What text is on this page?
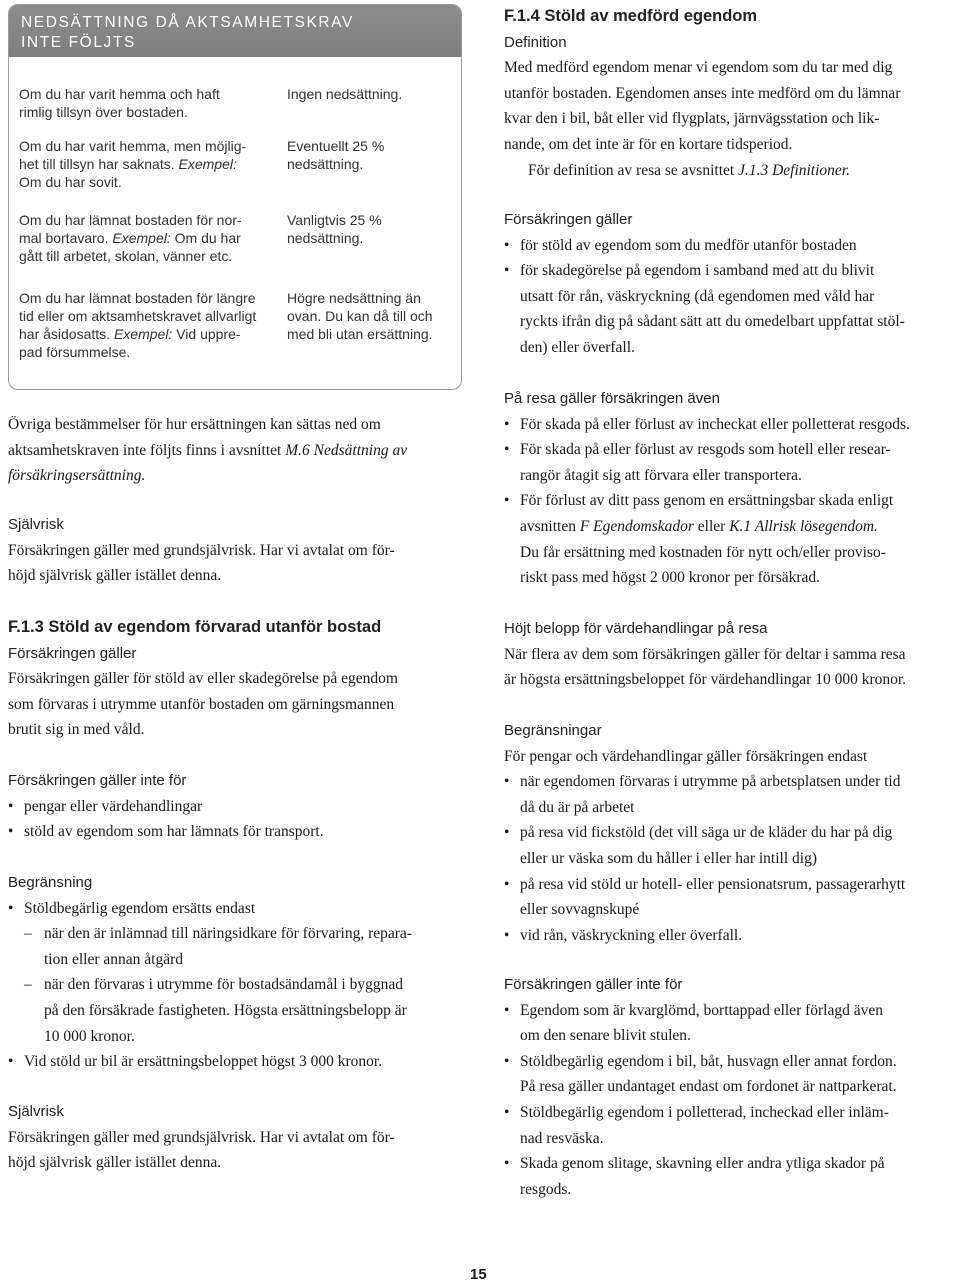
NEDSÄTTNING DÅ AKTSAMHETSKRAV
INTE FÖLJTS
Om du har varit hemma och haft
rimlig tillsyn över bostaden.
Ingen nedsättning.
Om du har varit hemma, men möjlig-
het till tillsyn har saknats. Exempel:
Om du har sovit.
Eventuellt 25 %
nedsättning.
Om du har lämnat bostaden för nor-
mal bortavaro. Exempel: Om du har
gått till arbetet, skolan, vänner etc.
Vanligtvis 25 %
nedsättning.
Om du har lämnat bostaden för längre
tid eller om aktsamhetskravet allvarligt
har åsidosatts. Exempel: Vid uppre-
pad försummelse.
Högre nedsättning än
ovan. Du kan då till och
med bli utan ersättning.
Övriga bestämmelser för hur ersättningen kan sättas ned om
aktsamhetskraven inte följts finns i avsnittet M.6 Nedsättning av
försäkringsersättning.
Självrisk
Försäkringen gäller med grundsjälvrisk. Har vi avtalat om för-
höjd självrisk gäller istället denna.
F.1.3 Stöld av egendom förvarad utanför bostad
Försäkringen gäller
Försäkringen gäller för stöld av eller skadegörelse på egendom
som förvaras i utrymme utanför bostaden om gärningsmannen
brutit sig in med våld.
Försäkringen gäller inte för
• pengar eller värdehandlingar
• stöld av egendom som har lämnats för transport.
Begränsning
• Stöldbegärlig egendom ersätts endast
– när den är inlämnad till näringsidkare för förvaring, repara-
tion eller annan åtgärd
– när den förvaras i utrymme för bostadsändamål i byggnad
på den försäkrade fastigheten. Högsta ersättningsbelopp är
10 000 kronor.
• Vid stöld ur bil är ersättningsbeloppet högst 3 000 kronor.
Självrisk
Försäkringen gäller med grundsjälvrisk. Har vi avtalat om för-
höjd självrisk gäller istället denna.
F.1.4 Stöld av medförd egendom
Definition
Med medförd egendom menar vi egendom som du tar med dig
utanför bostaden. Egendomen anses inte medförd om du lämnar
kvar den i bil, båt eller vid flygplats, järnvägsstation och lik-
nande, om det inte är för en kortare tidsperiod.
För definition av resa se avsnittet J.1.3 Definitioner.
Försäkringen gäller
• för stöld av egendom som du medför utanför bostaden
• för skadegörelse på egendom i samband med att du blivit
utsatt för rån, väskryckning (då egendomen med våld har
ryckts ifrån dig på sådant sätt att du omedelbart uppfattat stöl-
den) eller överfall.
På resa gäller försäkringen även
• För skada på eller förlust av incheckat eller polletterat resgods.
• För skada på eller förlust av resgods som hotell eller resear-
rangör åtagit sig att förvara eller transportera.
• För förlust av ditt pass genom en ersättningsbar skada enligt
avsnitten F Egendomskador eller K.1 Allrisk lösegendom.
Du får ersättning med kostnaden för nytt och/eller proviso-
riskt pass med högst 2 000 kronor per försäkrad.
Höjt belopp för värdehandlingar på resa
När flera av dem som försäkringen gäller för deltar i samma resa
är högsta ersättningsbeloppet för värdehandlingar 10 000 kronor.
Begränsningar
För pengar och värdehandlingar gäller försäkringen endast
• när egendomen förvaras i utrymme på arbetsplatsen under tid
då du är på arbetet
• på resa vid fickstöld (det vill säga ur de kläder du har på dig
eller ur väska som du håller i eller har intill dig)
• på resa vid stöld ur hotell- eller pensionatsrum, passagerarhytt
eller sovvagnskupé
• vid rån, väskryckning eller överfall.
Försäkringen gäller inte för
• Egendom som är kvarglömd, borttappad eller förlagd även
om den senare blivit stulen.
• Stöldbegärlig egendom i bil, båt, husvagn eller annat fordon.
På resa gäller undantaget endast om fordonet är nattparkerat.
• Stöldbegärlig egendom i polletterad, incheckad eller inläm-
nad resväska.
• Skada genom slitage, skavning eller andra ytliga skador på
resgods.
15
